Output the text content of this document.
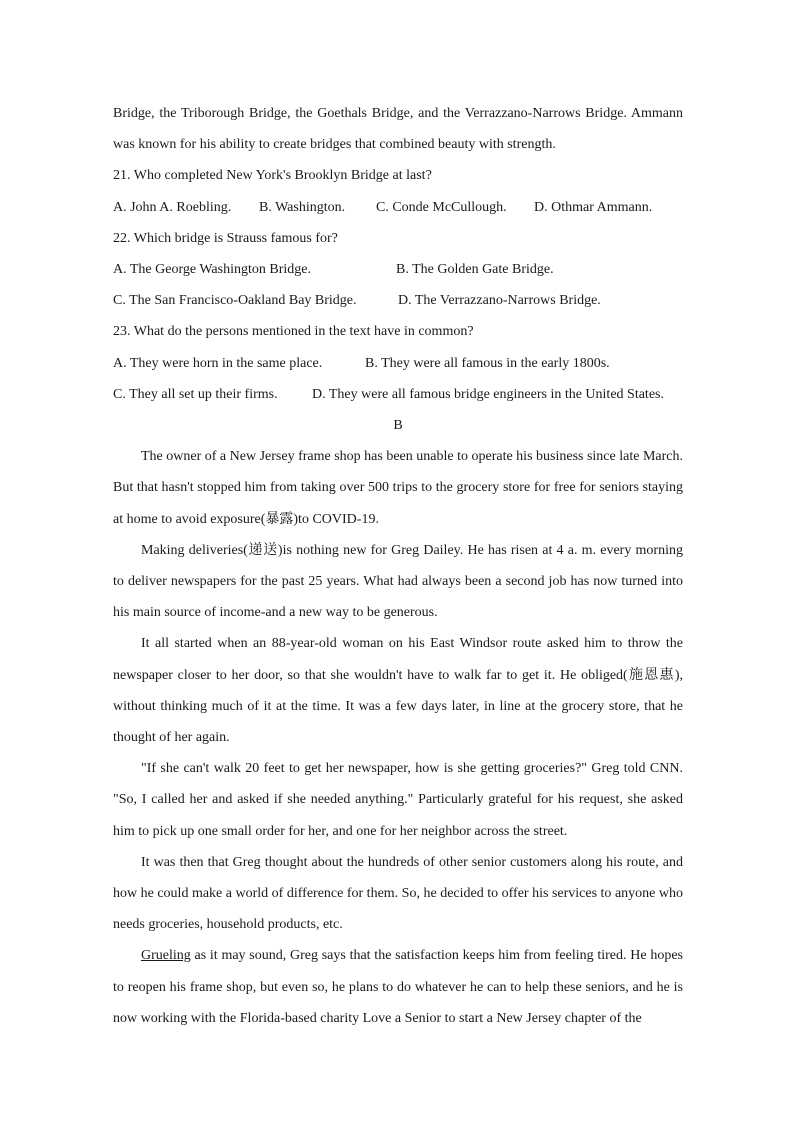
Bridge, the Triborough Bridge, the Goethals Bridge, and the Verrazzano-Narrows Bridge. Ammann was known for his ability to create bridges that combined beauty with strength.

21. Who completed New York's Brooklyn Bridge at last?

A. John A. Roebling.	B. Washington.	C. Conde McCullough.	D. Othmar Ammann.

22. Which bridge is Strauss famous for?

A. The George Washington Bridge.	B. The Golden Gate Bridge.
C. The San Francisco-Oakland Bay Bridge.	D. The Verrazzano-Narrows Bridge.

23. What do the persons mentioned in the text have in common?

A. They were horn in the same place.	B. They were all famous in the early 1800s.
C. They all set up their firms.	D. They were all famous bridge engineers in the United States.

B

The owner of a New Jersey frame shop has been unable to operate his business since late March. But that hasn't stopped him from taking over 500 trips to the grocery store for free for seniors staying at home to avoid exposure(暴露)to COVID-19.

Making deliveries(递送)is nothing new for Greg Dailey. He has risen at 4 a. m. every morning to deliver newspapers for the past 25 years. What had always been a second job has now turned into his main source of income-and a new way to be generous.

It all started when an 88-year-old woman on his East Windsor route asked him to throw the newspaper closer to her door, so that she wouldn't have to walk far to get it. He obliged(施恩惠), without thinking much of it at the time. It was a few days later, in line at the grocery store, that he thought of her again.

"If she can't walk 20 feet to get her newspaper, how is she getting groceries?" Greg told CNN. "So, I called her and asked if she needed anything." Particularly grateful for his request, she asked him to pick up one small order for her, and one for her neighbor across the street.

It was then that Greg thought about the hundreds of other senior customers along his route, and how he could make a world of difference for them. So, he decided to offer his services to anyone who needs groceries, household products, etc.

Grueling as it may sound, Greg says that the satisfaction keeps him from feeling tired. He hopes to reopen his frame shop, but even so, he plans to do whatever he can to help these seniors, and he is now working with the Florida-based charity Love a Senior to start a New Jersey chapter of the
